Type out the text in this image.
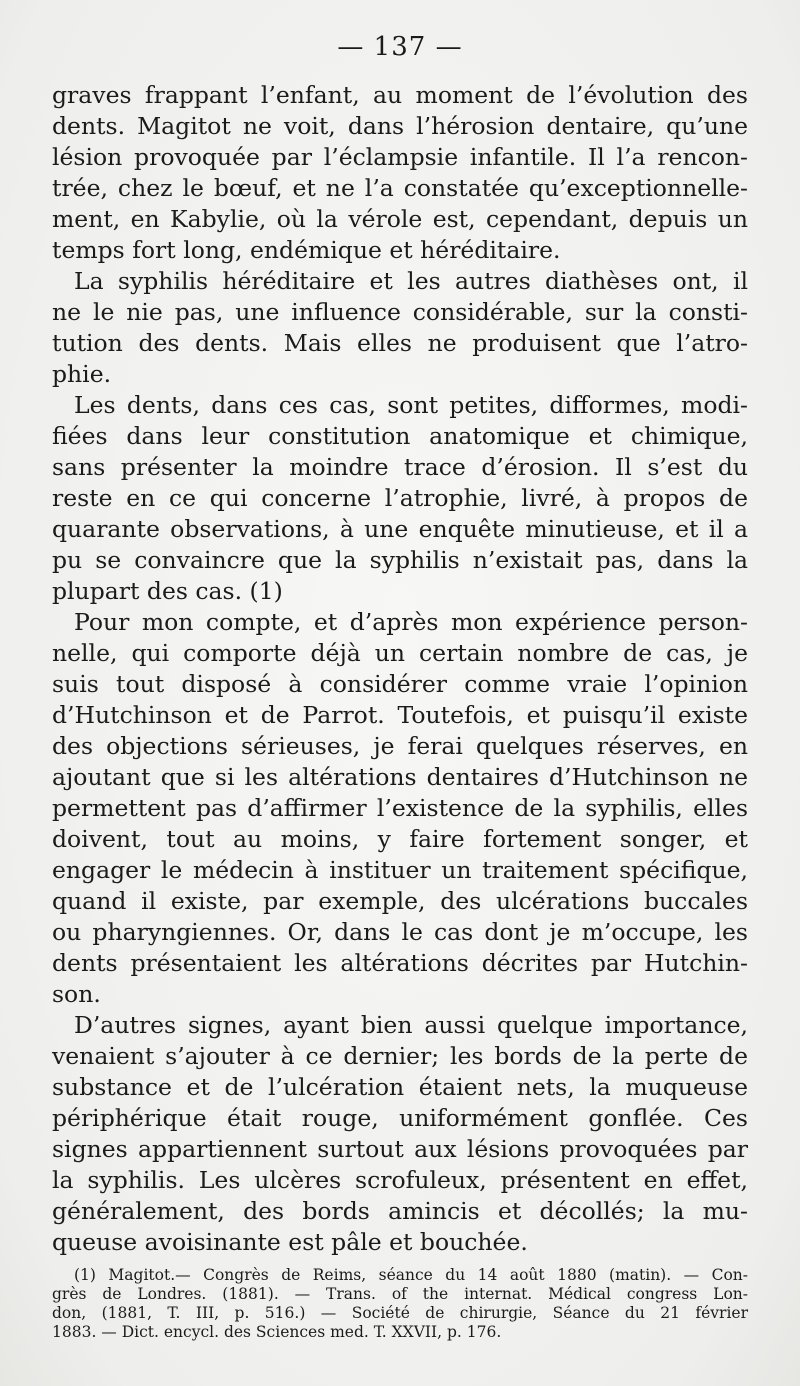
— 137 —
graves frappant l’enfant, au moment de l’évolution des
dents. Magitot ne voit, dans l’hérosion dentaire, qu’une
lésion provoquée par l’éclampsie infantile. Il l’a rencon-
trée, chez le bœuf, et ne l’a constatée qu’exceptionnelle-
ment, en Kabylie, où la vérole est, cependant, depuis un
temps fort long, endémique et héréditaire.
La syphilis héréditaire et les autres diathèses ont, il
ne le nie pas, une influence considérable, sur la consti-
tution des dents. Mais elles ne produisent que l’atro-
phie.
Les dents, dans ces cas, sont petites, difformes, modi-
fiées dans leur constitution anatomique et chimique,
sans présenter la moindre trace d’érosion. Il s’est du
reste en ce qui concerne l’atrophie, livré, à propos de
quarante observations, à une enquête minutieuse, et il a
pu se convaincre que la syphilis n’existait pas, dans la
plupart des cas. (1)
Pour mon compte, et d’après mon expérience person-
nelle, qui comporte déjà un certain nombre de cas, je
suis tout disposé à considérer comme vraie l’opinion
d’Hutchinson et de Parrot. Toutefois, et puisqu’il existe
des objections sérieuses, je ferai quelques réserves, en
ajoutant que si les altérations dentaires d’Hutchinson ne
permettent pas d’affirmer l’existence de la syphilis, elles
doivent, tout au moins, y faire fortement songer, et
engager le médecin à instituer un traitement spécifique,
quand il existe, par exemple, des ulcérations buccales
ou pharyngiennes. Or, dans le cas dont je m’occupe, les
dents présentaient les altérations décrites par Hutchin-
son.
D’autres signes, ayant bien aussi quelque importance,
venaient s’ajouter à ce dernier; les bords de la perte de
substance et de l’ulcération étaient nets, la muqueuse
périphérique était rouge, uniformément gonflée. Ces
signes appartiennent surtout aux lésions provoquées par
la syphilis. Les ulcères scrofuleux, présentent en effet,
généralement, des bords amincis et décollés; la mu-
queuse avoisinante est pâle et bouchée.
(1) Magitot.— Congrès de Reims, séance du 14 août 1880 (matin). — Con-
grès de Londres. (1881). — Trans. of the internat. Médical congress Lon-
don, (1881, T. III, p. 516.) — Société de chirurgie, Séance du 21 février
1883. — Dict. encycl. des Sciences med. T. XXVII, p. 176.
